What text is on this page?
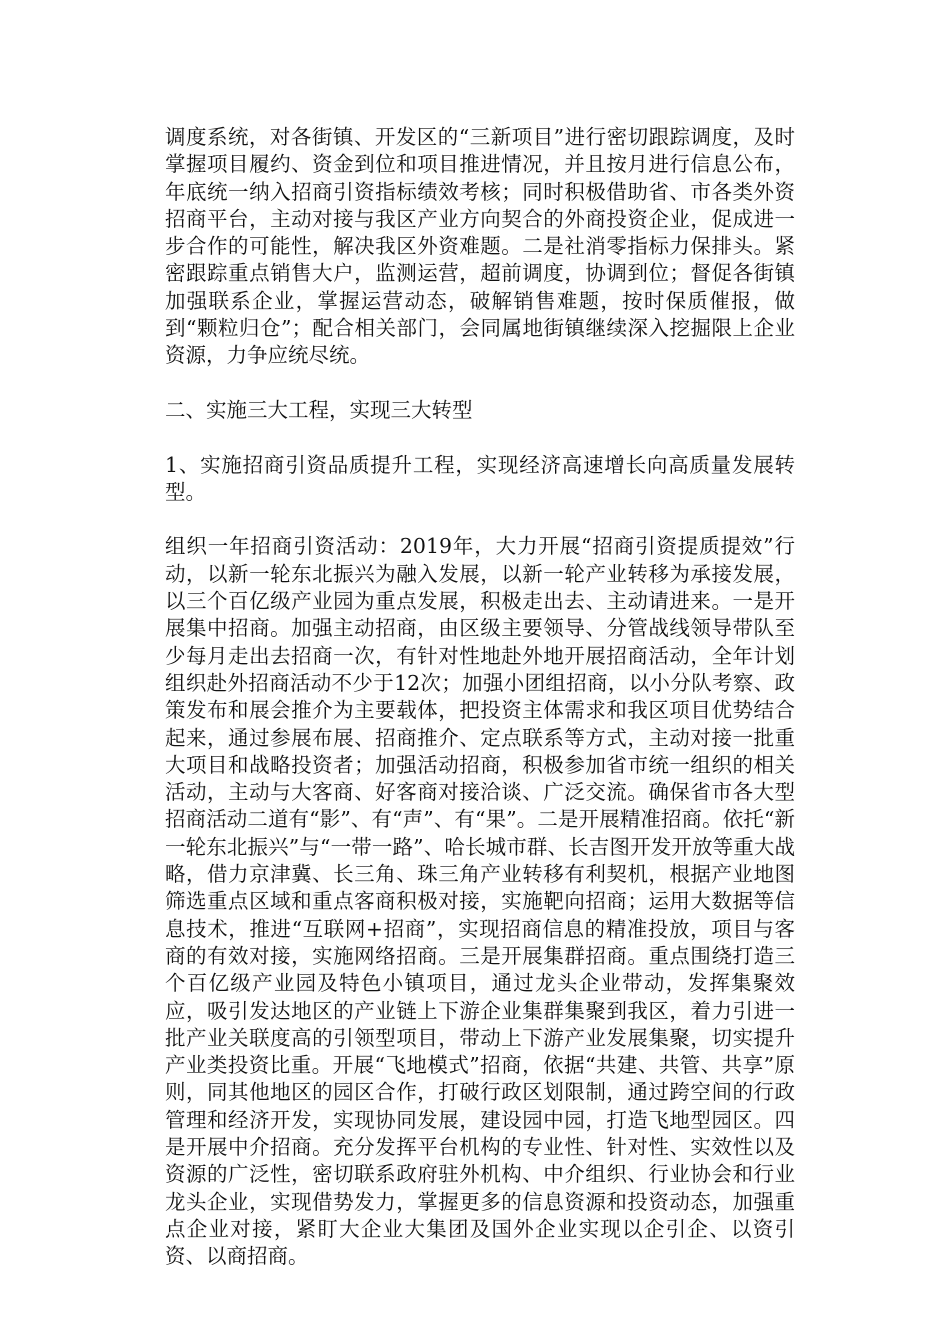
调度系统，对各街镇、开发区的“三新项目”进行密切跟踪调度，及时掌握项目履约、资金到位和项目推进情况，并且按月进行信息公布，年底统一纳入招商引资指标绩效考核；同时积极借助省、市各类外资招商平台，主动对接与我区产业方向契合的外商投资企业，促成进一步合作的可能性，解决我区外资难题。二是社消零指标力保排头。紧密跟踪重点销售大户，监测运营，超前调度，协调到位；督促各街镇加强联系企业，掌握运营动态，破解销售难题，按时保质催报，做到“颗粒归仓”；配合相关部门，会同属地街镇继续深入挖掘限上企业资源，力争应统尽统。

二、实施三大工程，实现三大转型

1、实施招商引资品质提升工程，实现经济高速增长向高质量发展转型。

组织一年招商引资活动：2019年，大力开展“招商引资提质提效”行动，以新一轮东北振兴为融入发展，以新一轮产业转移为承接发展，以三个百亿级产业园为重点发展，积极走出去、主动请进来。一是开展集中招商。加强主动招商，由区级主要领导、分管战线领导带队至少每月走出去招商一次，有针对性地赴外地开展招商活动，全年计划组织赴外招商活动不少于12次；加强小团组招商，以小分队考察、政策发布和展会推介为主要载体，把投资主体需求和我区项目优势结合起来，通过参展布展、招商推介、定点联系等方式，主动对接一批重大项目和战略投资者；加强活动招商，积极参加省市统一组织的相关活动，主动与大客商、好客商对接洽谈、广泛交流。确保省市各大型招商活动二道有“影”、有“声”、有“果”。二是开展精准招商。依托“新一轮东北振兴”与“一带一路”、哈长城市群、长吉图开发开放等重大战略，借力京津冀、长三角、珠三角产业转移有利契机，根据产业地图筛选重点区域和重点客商积极对接，实施靶向招商；运用大数据等信息技术，推进“互联网+招商”，实现招商信息的精准投放，项目与客商的有效对接，实施网络招商。三是开展集群招商。重点围绕打造三个百亿级产业园及特色小镇项目，通过龙头企业带动，发挥集聚效应，吸引发达地区的产业链上下游企业集群集聚到我区，着力引进一批产业关联度高的引领型项目，带动上下游产业发展集聚，切实提升产业类投资比重。开展“飞地模式”招商，依据“共建、共管、共享”原则，同其他地区的园区合作，打破行政区划限制，通过跨空间的行政管理和经济开发，实现协同发展，建设园中园，打造飞地型园区。四是开展中介招商。充分发挥平台机构的专业性、针对性、实效性以及资源的广泛性，密切联系政府驻外机构、中介组织、行业协会和行业龙头企业，实现借势发力，掌握更多的信息资源和投资动态，加强重点企业对接，紧盯大企业大集团及国外企业实现以企引企、以资引资、以商招商。
